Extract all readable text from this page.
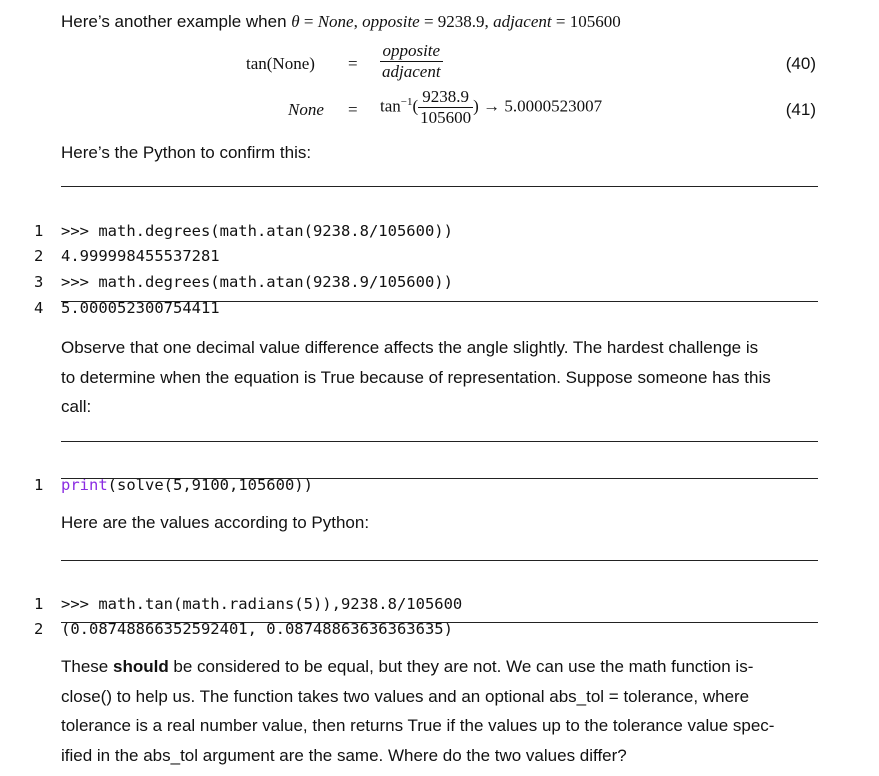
Here’s another example when θ = None, opposite = 9238.9, adjacent = 105600

tan(None) = $\frac{\text{opposite}}{\text{adjacent}}$	(40)
None = $\tan^{-1}( \frac{9238.9}{105600}$ ) → 5.0000523007	(41)

Here’s the Python to confirm this:

1	>>> math.degrees(math.atan(9238.8/105600))

2	4.999998455537281

3	>>> math.degrees(math.atan(9238.9/105600))

4	5.000052300754411

Observe that one decimal value difference affects the angle slightly. The hardest challenge is
to determine when the equation is True because of representation. Suppose someone has this
call:

1	print(solve(5,9100,105600))

Here are the values according to Python:

1	>>> math.tan(math.radians(5)),9238.8/105600

2	(0.08748866352592401, 0.08748863636363635)

These should be considered to be equal, but they are not. We can use the math function is-
close() to help us. The function takes two values and an optional abs_tol = tolerance, where
tolerance is a real number value, then returns True if the values up to the tolerance value spec-
ified in the abs_tol argument are the same. Where do the two values differ?
